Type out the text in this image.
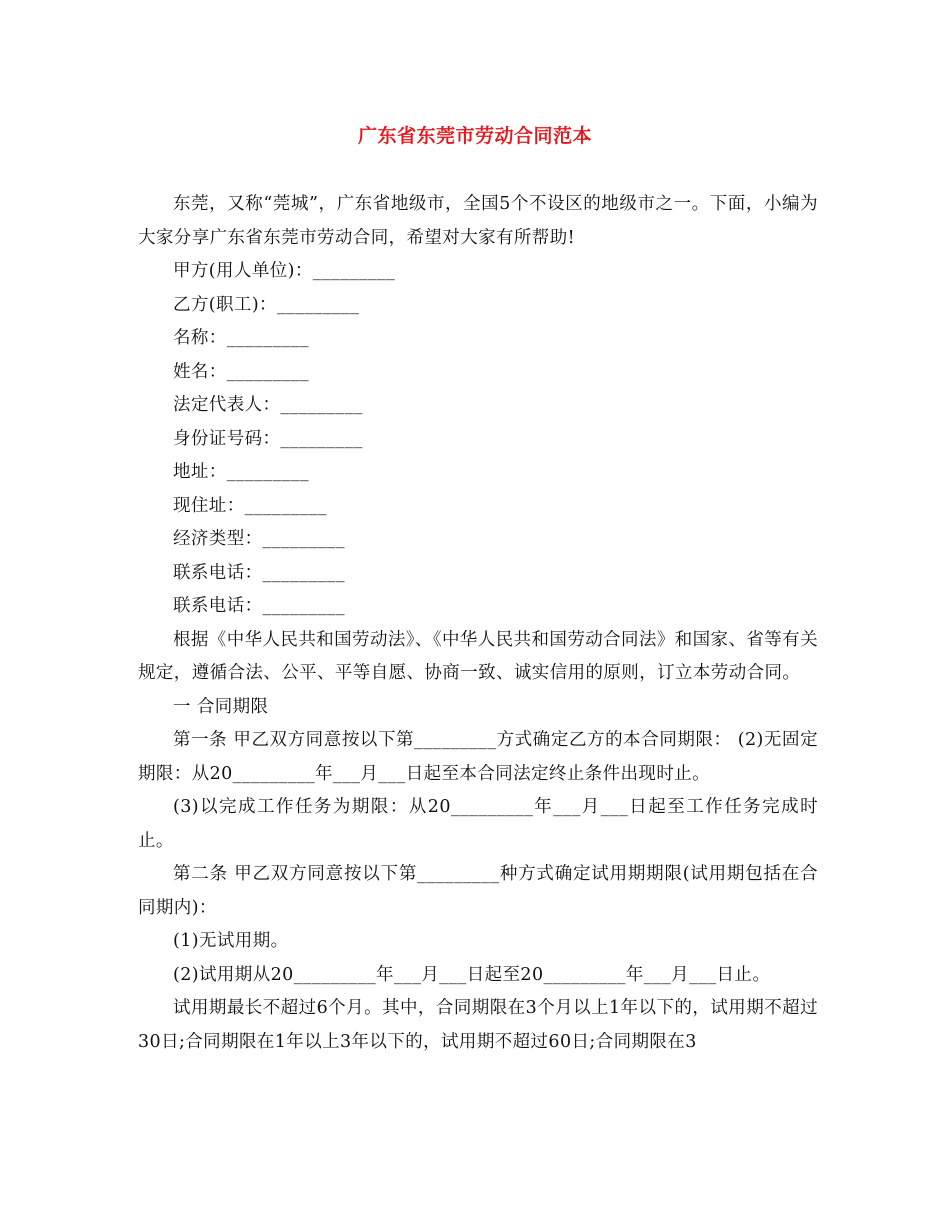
广东省东莞市劳动合同范本

东莞，又称“莞城”，广东省地级市，全国5个不设区的地级市之一。下面，小编为大家分享广东省东莞市劳动合同，希望对大家有所帮助!

甲方(用人单位)：_________

乙方(职工)：_________

名称：_________

姓名：_________

法定代表人：_________

身份证号码：_________

地址：_________

现住址：_________

经济类型：_________

联系电话：_________

联系电话：_________

根据《中华人民共和国劳动法》、《中华人民共和国劳动合同法》和国家、省等有关规定，遵循合法、公平、平等自愿、协商一致、诚实信用的原则，订立本劳动合同。

一 合同期限

第一条 甲乙双方同意按以下第_________方式确定乙方的本合同期限： (2)无固定期限：从20_________年___月___日起至本合同法定终止条件出现时止。

(3)以完成工作任务为期限：从20_________年___月___日起至工作任务完成时止。

第二条 甲乙双方同意按以下第_________种方式确定试用期期限(试用期包括在合同期内)：

(1)无试用期。

(2)试用期从20_________年___月___日起至20_________年___月___日止。

试用期最长不超过6个月。其中，合同期限在3个月以上1年以下的，试用期不超过30日;合同期限在1年以上3年以下的，试用期不超过60日;合同期限在3
